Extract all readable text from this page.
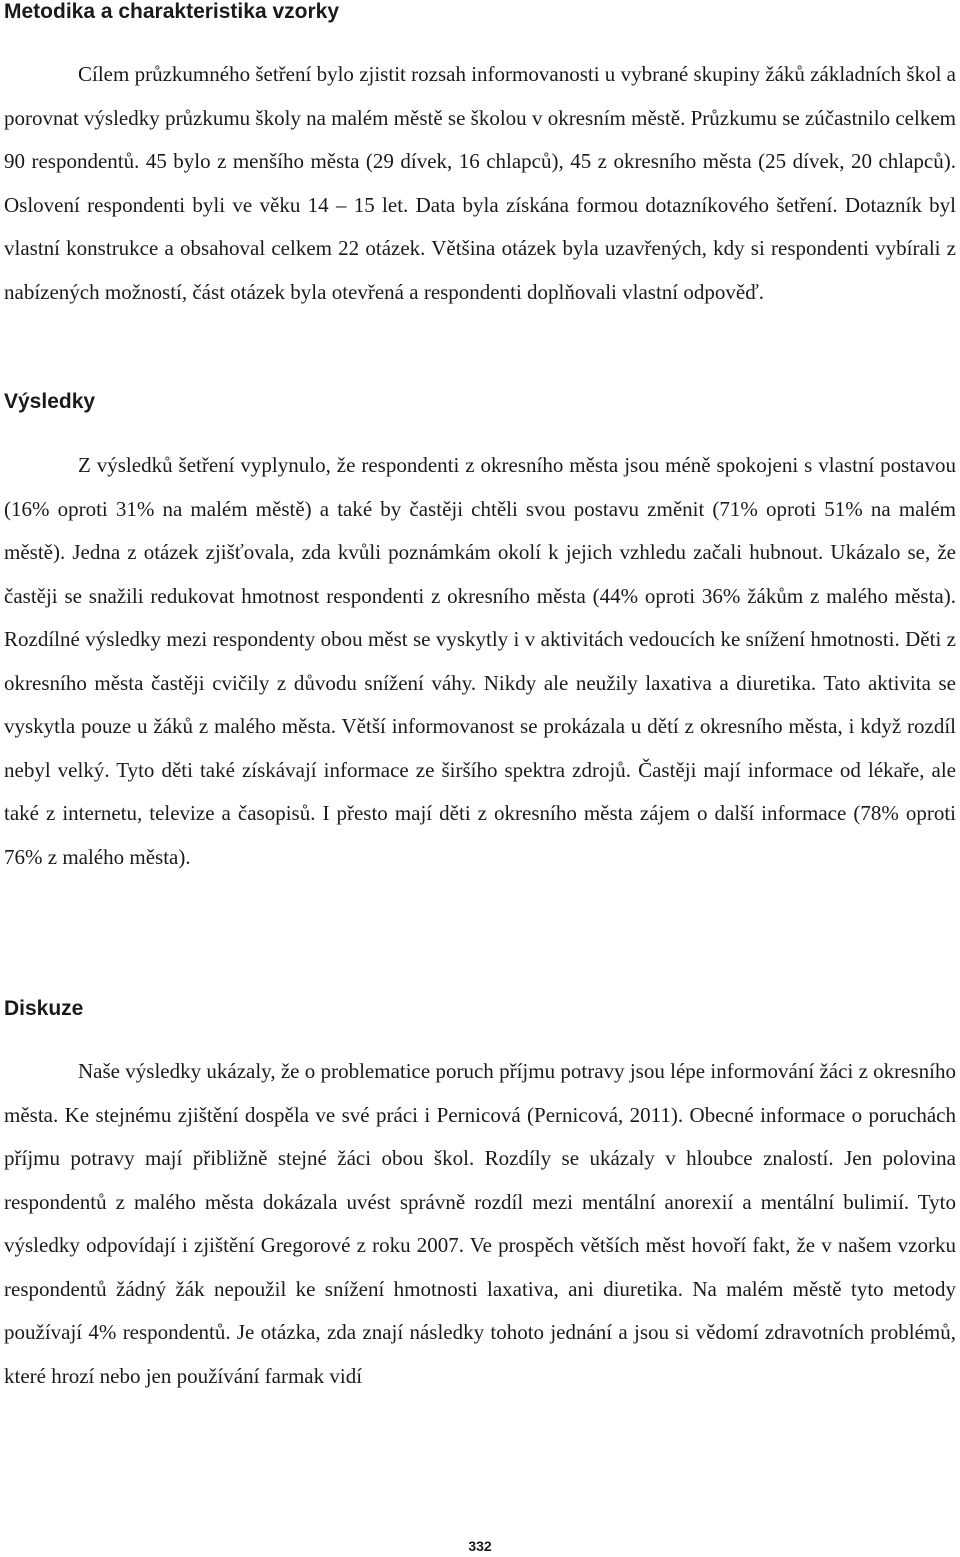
Metodika a charakteristika vzorky

Cílem průzkumného šetření bylo zjistit rozsah informovanosti u vybrané skupiny žáků základních škol a porovnat výsledky průzkumu školy na malém městě se školou v okresním městě. Průzkumu se zúčastnilo celkem 90 respondentů. 45 bylo z menšího města (29 dívek, 16 chlapců), 45 z okresního města (25 dívek, 20 chlapců). Oslovení respondenti byli ve věku 14 – 15 let. Data byla získána formou dotazníkového šetření. Dotazník byl vlastní konstrukce a obsahoval celkem 22 otázek. Většina otázek byla uzavřených, kdy si respondenti vybírali z nabízených možností, část otázek byla otevřená a respondenti doplňovali vlastní odpověď.

Výsledky

Z výsledků šetření vyplynulo, že respondenti z okresního města jsou méně spokojeni s vlastní postavou (16% oproti 31% na malém městě) a také by častěji chtěli svou postavu změnit (71% oproti 51% na malém městě). Jedna z otázek zjišťovala, zda kvůli poznámkám okolí k jejich vzhledu začali hubnout. Ukázalo se, že častěji se snažili redukovat hmotnost respondenti z okresního města (44% oproti 36% žákům z malého města). Rozdílné výsledky mezi respondenty obou měst se vyskytly i v aktivitách vedoucích ke snížení hmotnosti. Děti z okresního města častěji cvičily z důvodu snížení váhy. Nikdy ale neužily laxativa a diuretika. Tato aktivita se vyskytla pouze u žáků z malého města. Větší informovanost se prokázala u dětí z okresního města, i když rozdíl nebyl velký. Tyto děti také získávají informace ze širšího spektra zdrojů. Častěji mají informace od lékaře, ale také z internetu, televize a časopisů. I přesto mají děti z okresního města zájem o další informace (78% oproti 76% z malého města).

Diskuze

Naše výsledky ukázaly, že o problematice poruch příjmu potravy jsou lépe informování žáci z okresního města. Ke stejnému zjištění dospěla ve své práci i Pernicová (Pernicová, 2011). Obecné informace o poruchách příjmu potravy mají přibližně stejné žáci obou škol. Rozdíly se ukázaly v hloubce znalostí. Jen polovina respondentů z malého města dokázala uvést správně rozdíl mezi mentální anorexií a mentální bulimií. Tyto výsledky odpovídají i zjištění Gregorové z roku 2007. Ve prospěch větších měst hovoří fakt, že v našem vzorku respondentů žádný žák nepoužil ke snížení hmotnosti laxativa, ani diuretika. Na malém městě tyto metody používají 4% respondentů. Je otázka, zda znají následky tohoto jednání a jsou si vědomí zdravotních problémů, které hrozí nebo jen používání farmak vidí

332
